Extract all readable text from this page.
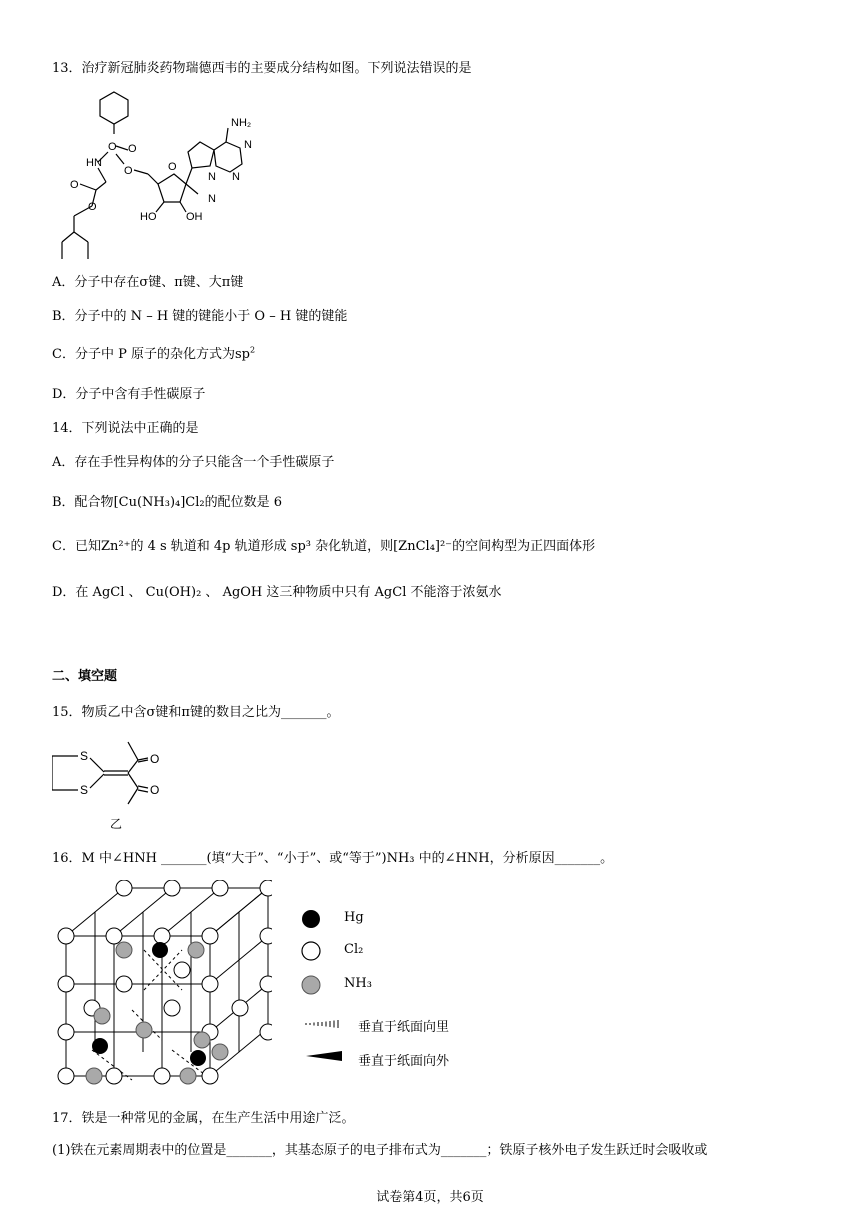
13．治疗新冠肺炎药物瑞德西韦的主要成分结构如图。下列说法错误的是
NH₂
O O
HN
O
O
O
N
N
N
O
HO	OH
N
A．分子中存在σ键、π键、大π键
B．分子中的 N – H 键的键能小于 O – H 键的键能
C．分子中 P 原子的杂化方式为$sp^2$
D．分子中含有手性碳原子
14．下列说法中正确的是
A．存在手性异构体的分子只能含一个手性碳原子
B．配合物[Cu(NH₃)₄]Cl₂的配位数是 6
C．已知Zn²⁺的 4 s 轨道和 4p 轨道形成 sp³ 杂化轨道，则[ZnCl₄]²⁻的空间构型为正四面体形
D．在 AgCl 、 Cu(OH)₂ 、 AgOH 这三种物质中只有 AgCl 不能溶于浓氨水
二、填空题
15．物质乙中含σ键和π键的数目之比为_______。
S
S
O
O
乙
16．M 中∠HNH _______(填“大于”、“小于”、或“等于”)NH₃ 中的∠HNH，分析原因_______。
Hg
Cl₂
NH₃
垂直于纸面向里
垂直于纸面向外
17．铁是一种常见的金属，在生产生活中用途广泛。
(1)铁在元素周期表中的位置是_______，其基态原子的电子排布式为_______；铁原子核外电子发生跃迁时会吸收或
试卷第4页，共6页
